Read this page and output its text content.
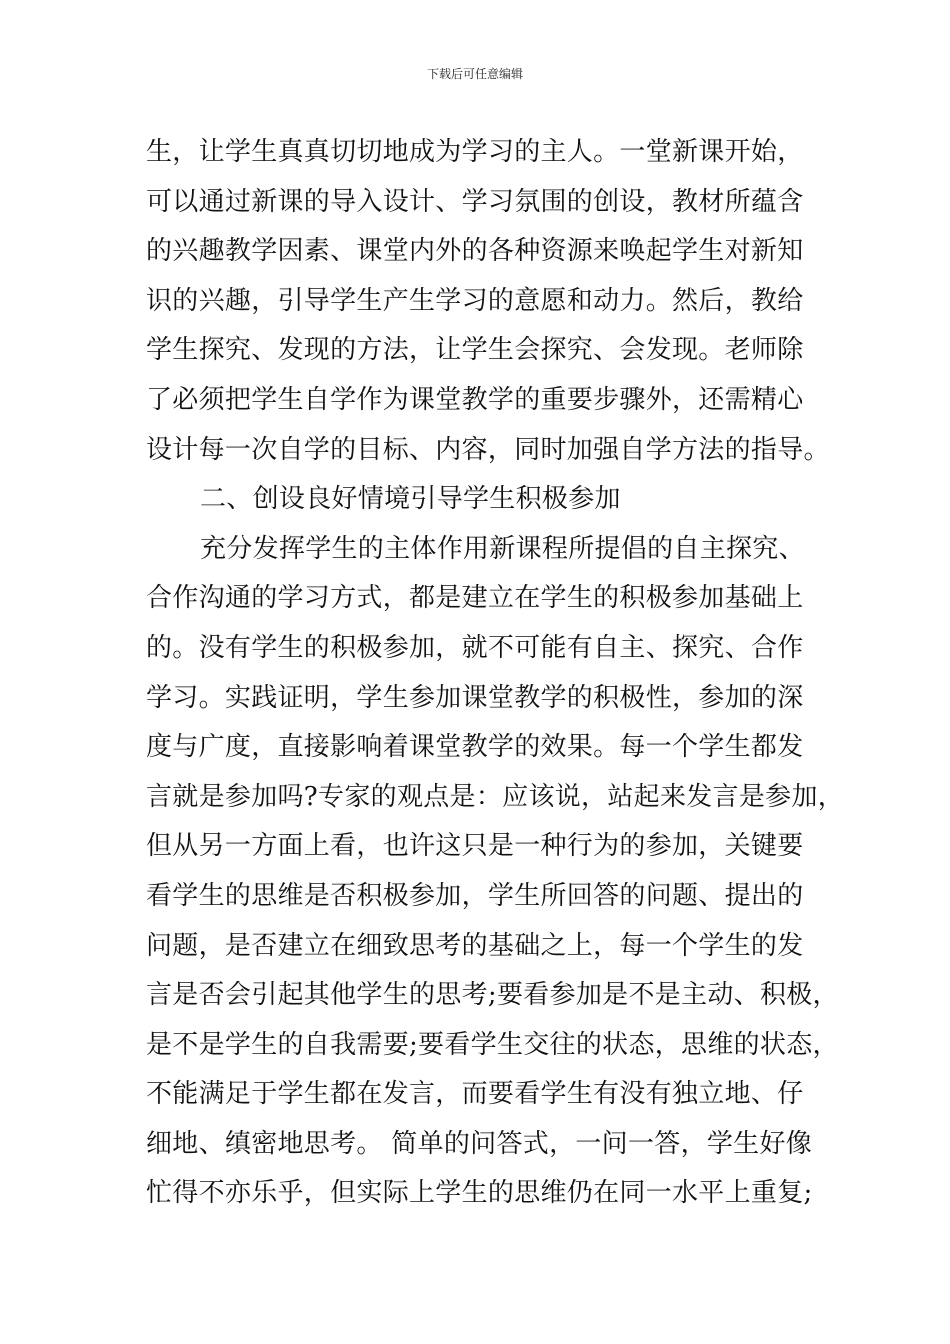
下载后可任意编辑
生，让学生真真切切地成为学习的主人。一堂新课开始，
可以通过新课的导入设计、学习氛围的创设，教材所蕴含
的兴趣教学因素、课堂内外的各种资源来唤起学生对新知
识的兴趣，引导学生产生学习的意愿和动力。然后，教给
学生探究、发现的方法，让学生会探究、会发现。老师除
了必须把学生自学作为课堂教学的重要步骤外，还需精心
设计每一次自学的目标、内容，同时加强自学方法的指导。
二、创设良好情境引导学生积极参加
充分发挥学生的主体作用新课程所提倡的自主探究、
合作沟通的学习方式，都是建立在学生的积极参加基础上
的。没有学生的积极参加，就不可能有自主、探究、合作
学习。实践证明，学生参加课堂教学的积极性，参加的深
度与广度，直接影响着课堂教学的效果。每一个学生都发
言就是参加吗?专家的观点是：应该说，站起来发言是参加，
但从另一方面上看，也许这只是一种行为的参加，关键要
看学生的思维是否积极参加，学生所回答的问题、提出的
问题，是否建立在细致思考的基础之上，每一个学生的发
言是否会引起其他学生的思考;要看参加是不是主动、积极，
是不是学生的自我需要;要看学生交往的状态，思维的状态，
不能满足于学生都在发言，而要看学生有没有独立地、仔
细地、缜密地思考。 简单的问答式，一问一答，学生好像
忙得不亦乐乎，但实际上学生的思维仍在同一水平上重复;
